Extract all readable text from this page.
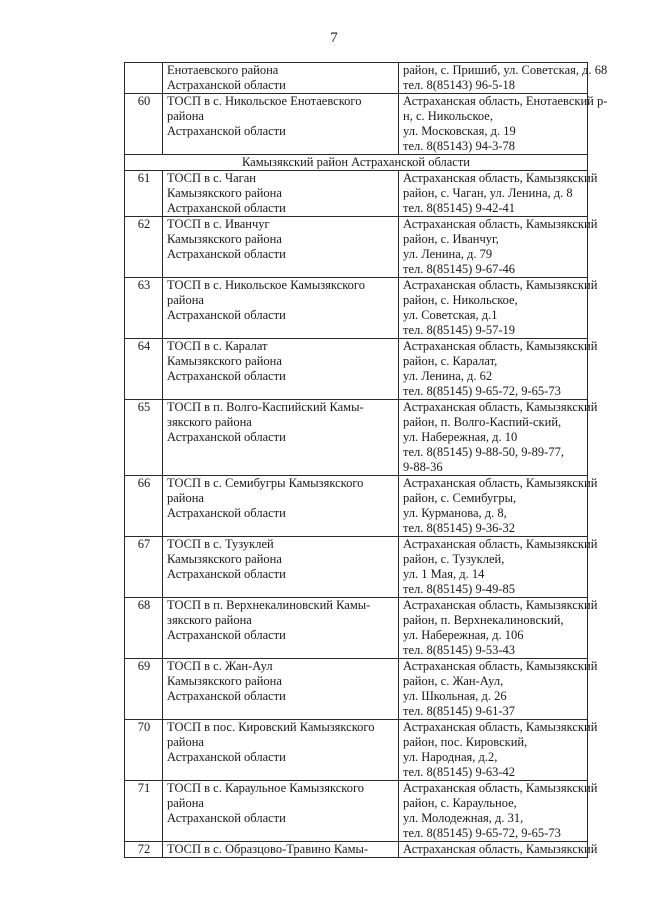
7

	Енотаевского района
Астраханской области	район, с. Пришиб, ул. Советская, д. 68
тел. 8(85143) 96-5-18

60	ТОСП в с. Никольское Енотаевского
района
Астраханской области	Астраханская область, Енотаевский р-
н, с. Никольское,
ул. Московская, д. 19
тел. 8(85143) 94-3-78

Камызякский район Астраханской области		
61	ТОСП в с. Чаган
Камызякского района
Астраханской области	Астраханская область, Камызякский
район, с. Чаган, ул. Ленина, д. 8
тел. 8(85145) 9-42-41

62	ТОСП в с. Иванчуг
Камызякского района
Астраханской области	Астраханская область, Камызякский
район, с. Иванчуг,
ул. Ленина, д. 79
тел. 8(85145) 9-67-46

63	ТОСП в с. Никольское Камызякского
района
Астраханской области	Астраханская область, Камызякский
район, с. Никольское,
ул. Советская, д.1
тел. 8(85145) 9-57-19

64	ТОСП в с. Каралат
Камызякского района
Астраханской области	Астраханская область, Камызякский
район, с. Каралат,
ул. Ленина, д. 62
тел. 8(85145) 9-65-72, 9-65-73

65	ТОСП в п. Волго-Каспийский Камы-
зякского района
Астраханской области	Астраханская область, Камызякский
район, п. Волго-Каспий-ский,
ул. Набережная, д. 10
тел. 8(85145) 9-88-50, 9-89-77,
9-88-36

66	ТОСП в с. Семибугры Камызякского
района
Астраханской области	Астраханская область, Камызякский
район, с. Семибугры,
ул. Курманова, д. 8,
тел. 8(85145) 9-36-32

67	ТОСП в с. Тузуклей
Камызякского района
Астраханской области	Астраханская область, Камызякский
район, с. Тузуклей,
ул. 1 Мая, д. 14
тел. 8(85145) 9-49-85

68	ТОСП в п. Верхнекалиновский Камы-
зякского района
Астраханской области	Астраханская область, Камызякский
район, п. Верхнекалиновский,
ул. Набережная, д. 106
тел. 8(85145) 9-53-43

69	ТОСП в с. Жан-Аул
Камызякского района
Астраханской области	Астраханская область, Камызякский
район, с. Жан-Аул,
ул. Школьная, д. 26
тел. 8(85145) 9-61-37

70	ТОСП в пос. Кировский Камызякского
района
Астраханской области	Астраханская область, Камызякский
район, пос. Кировский,
ул. Народная, д.2,
тел. 8(85145) 9-63-42

71	ТОСП в с. Караульное Камызякского
района
Астраханской области	Астраханская область, Камызякский
район, с. Караульное,
ул. Молодежная, д. 31,
тел. 8(85145) 9-65-72, 9-65-73

72	ТОСП в с. Образцово-Травино Камы-	Астраханская область, Камызякский
